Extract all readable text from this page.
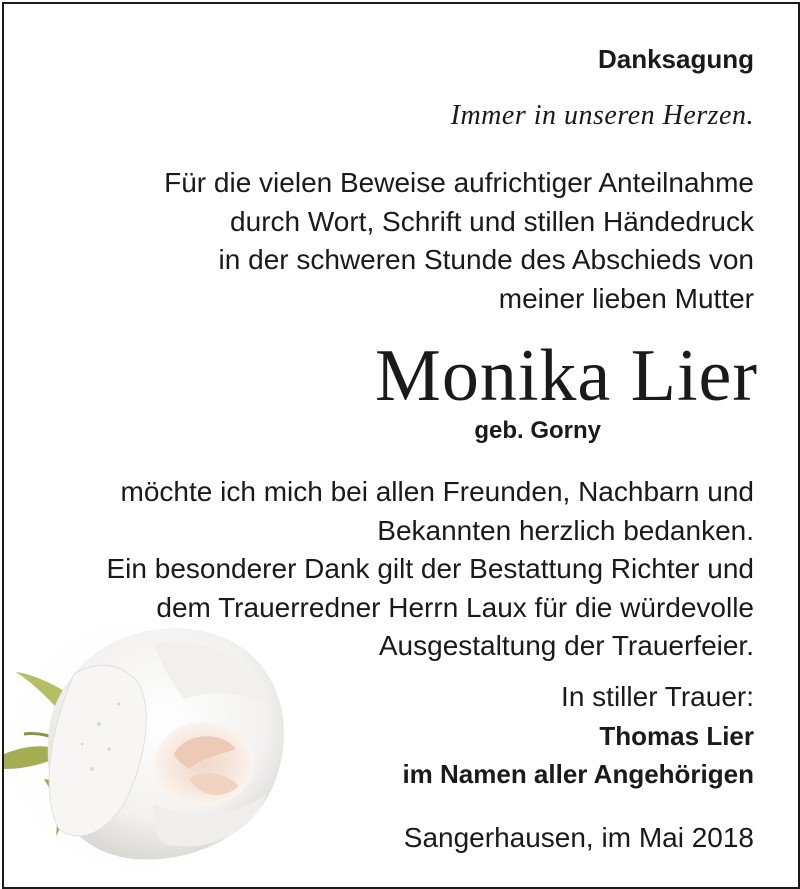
Danksagung
Immer in unseren Herzen.
Für die vielen Beweise aufrichtiger Anteilnahme
durch Wort, Schrift und stillen Händedruck
in der schweren Stunde des Abschieds von
meiner lieben Mutter
Monika Lier
geb. Gorny
möchte ich mich bei allen Freunden, Nachbarn und
Bekannten herzlich bedanken.
Ein besonderer Dank gilt der Bestattung Richter und
dem Trauerredner Herrn Laux für die würdevolle
Ausgestaltung der Trauerfeier.
In stiller Trauer:
Thomas Lier
im Namen aller Angehörigen
Sangerhausen, im Mai 2018
